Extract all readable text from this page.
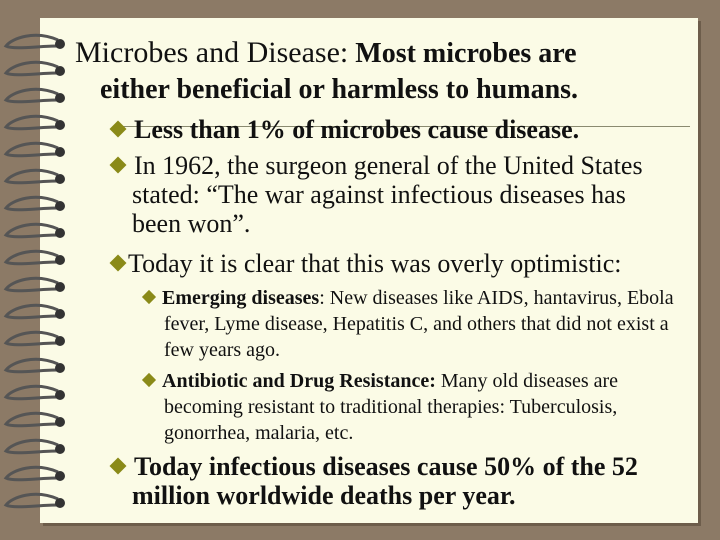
Microbes and Disease: Most microbes are
either beneficial or harmless to humans.
Less than 1% of microbes cause disease.
In 1962, the surgeon general of the United States stated: “The war against infectious diseases has been won”.
Today it is clear that this was overly optimistic:
Emerging diseases: New diseases like AIDS, hantavirus, Ebola fever, Lyme disease, Hepatitis C, and others that did not exist a few years ago.
Antibiotic and Drug Resistance: Many old diseases are becoming resistant to traditional therapies: Tuberculosis, gonorrhea, malaria, etc.
Today infectious diseases cause 50% of the 52 million worldwide deaths per year.
